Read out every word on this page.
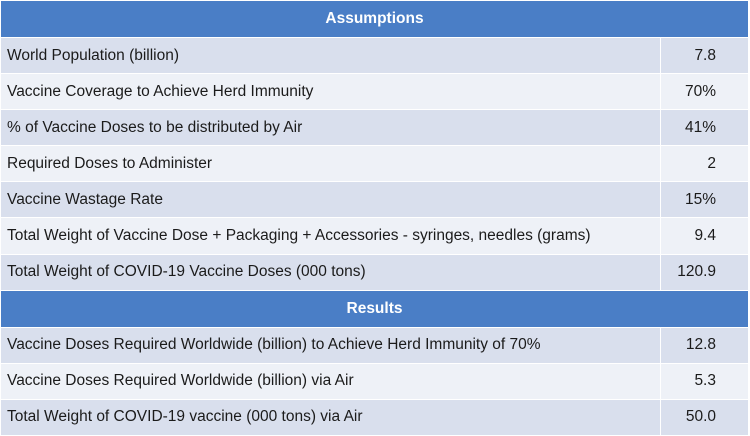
Assumptions	
World Population (billion)	7.8
Vaccine Coverage to Achieve Herd Immunity	70%
% of Vaccine Doses to be distributed by Air	41%
Required Doses to Administer	2
Vaccine Wastage Rate	15%
Total Weight of Vaccine Dose + Packaging + Accessories - syringes, needles (grams)	9.4
Total Weight of COVID-19 Vaccine Doses (000 tons)	120.9
Results	
Vaccine Doses Required Worldwide (billion) to Achieve Herd Immunity of 70%	12.8
Vaccine Doses Required Worldwide (billion) via Air	5.3
Total Weight of COVID-19 vaccine (000 tons) via Air	50.0
